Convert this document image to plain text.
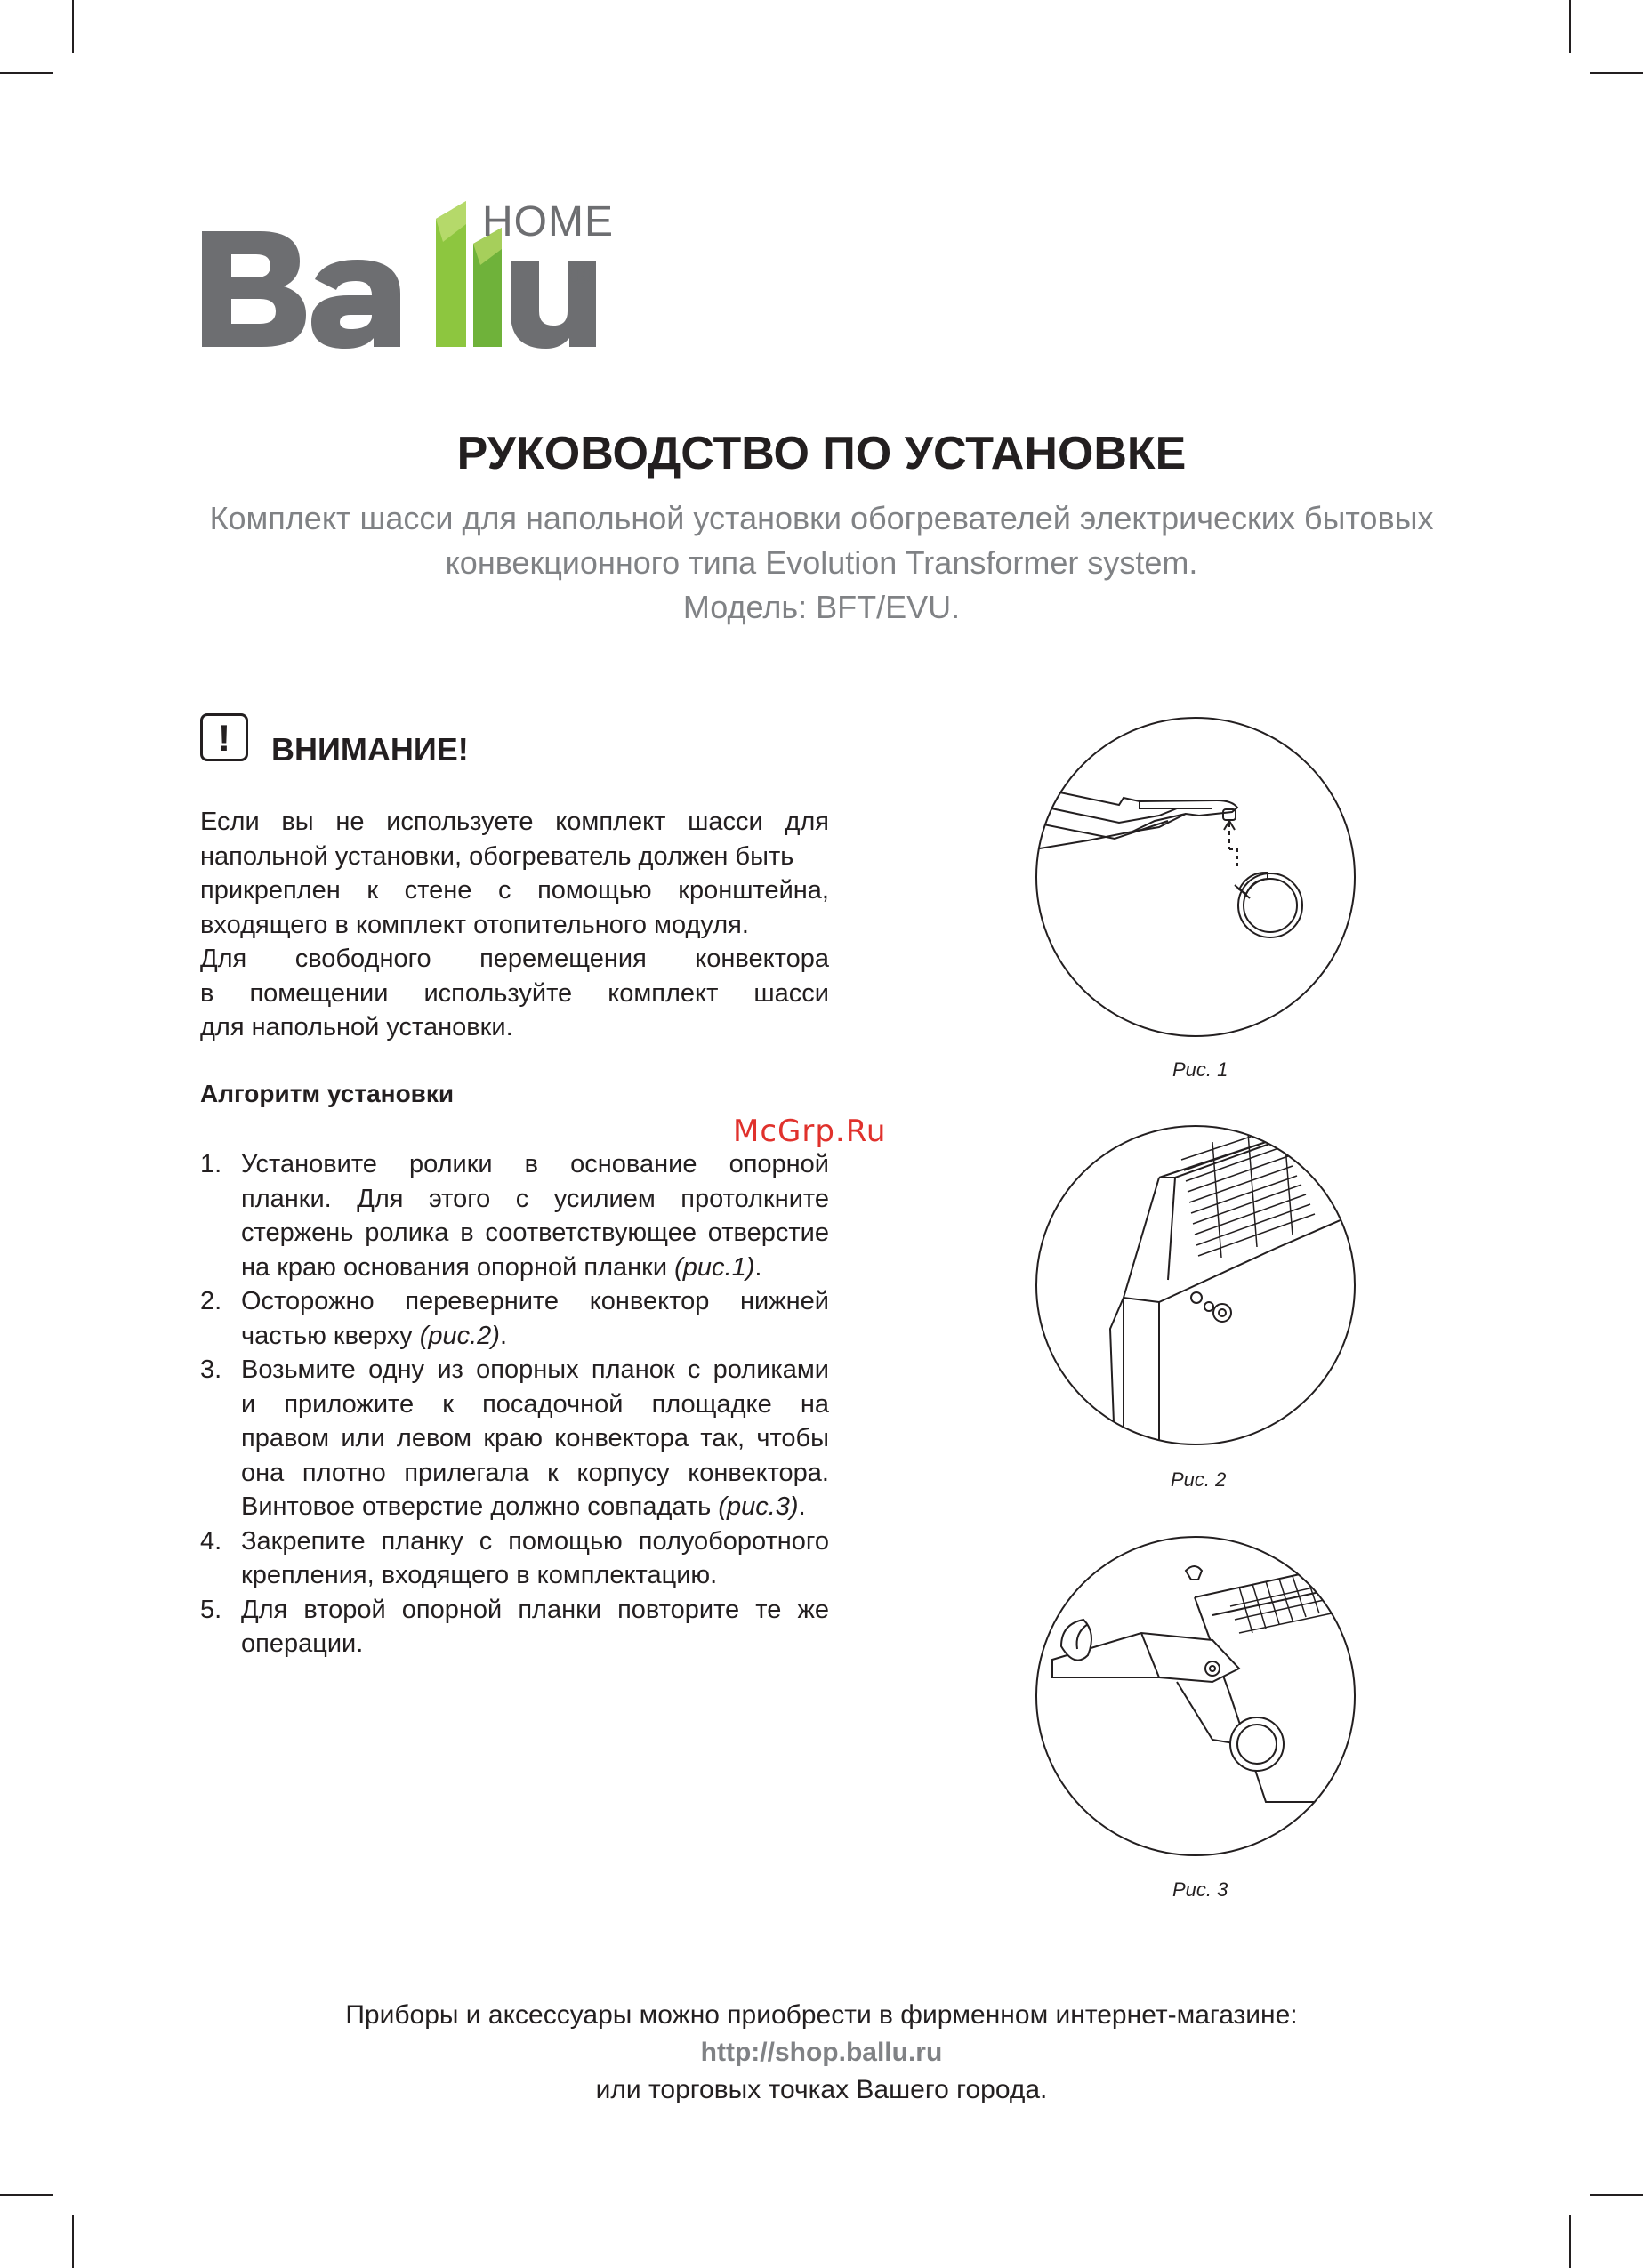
HOME
®
РУКОВОДСТВО ПО УСТАНОВКЕ
Комплект шасси для напольной установки обогревателей электрических бытовых
конвекционного типа Evolution Transformer system.
Модель: BFT/EVU.
!	ВНИМАНИЕ!
Если вы не используете комплект шасси для
напольной установки, обогреватель должен быть
прикреплен к стене с помощью кронштейна,
входящего в комплект отопительного модуля.
Для свободного перемещения конвектора
в помещении используйте комплект шасси
для напольной установки.
Алгоритм установки
1. Установите ролики в основание опорной
планки. Для этого с усилием протолкните
стержень ролика в соответствующее отверстие
на краю основания опорной планки (рис.1).
2. Осторожно переверните конвектор нижней
частью кверху (рис.2).
3. Возьмите одну из опорных планок с роликами
и приложите к посадочной площадке на
правом или левом краю конвектора так, чтобы
она плотно прилегала к корпусу конвектора.
Винтовое отверстие должно совпадать (рис.3).
4. Закрепите планку с помощью полуоборотного
крепления, входящего в комплектацию.
5. Для второй опорной планки повторите те же
операции.
Рис. 1
Рис. 2
Рис. 3
Приборы и аксессуары можно приобрести в фирменном интернет-магазине:
http://shop.ballu.ru
или торговых точках Вашего города.
McGrp.Ru
